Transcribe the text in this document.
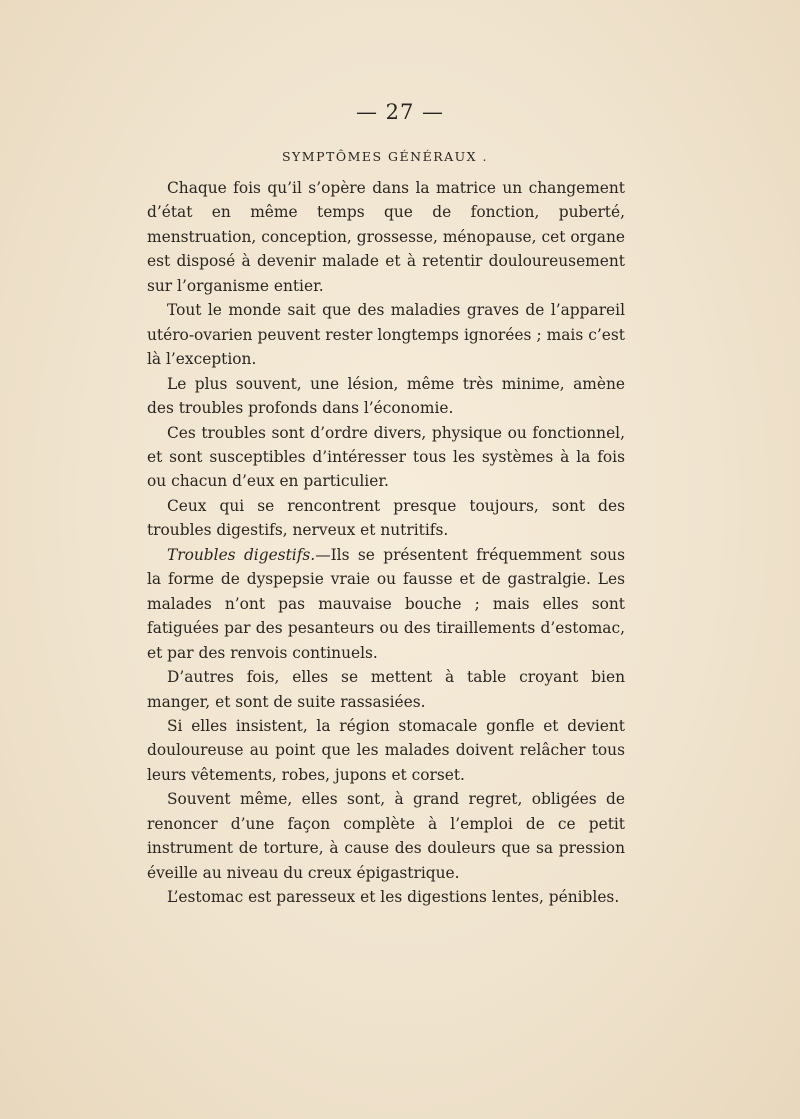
— 27 —
SYMPTÔMES GÉNÉRAUX .

Chaque fois qu’il s’opère dans la matrice un changement d’état en même temps que de fonction, puberté, menstruation, conception, grossesse, ménopause, cet organe est disposé à devenir malade et à retentir douloureusement sur l’organisme entier.

Tout le monde sait que des maladies graves de l’appareil utéro-ovarien peuvent rester longtemps ignorées ; mais c’est là l’exception.

Le plus souvent, une lésion, même très minime, amène des troubles profonds dans l’économie.

Ces troubles sont d’ordre divers, physique ou fonctionnel, et sont susceptibles d’intéresser tous les systèmes à la fois ou chacun d’eux en particulier.

Ceux qui se rencontrent presque toujours, sont des troubles digestifs, nerveux et nutritifs.

Troubles digestifs.—Ils se présentent fréquemment sous la forme de dyspepsie vraie ou fausse et de gastralgie. Les malades n’ont pas mauvaise bouche ; mais elles sont fatiguées par des pesanteurs ou des tiraillements d’estomac, et par des renvois continuels.

D’autres fois, elles se mettent à table croyant bien manger, et sont de suite rassasiées.

Si elles insistent, la région stomacale gonfle et devient douloureuse au point que les malades doivent relâcher tous leurs vêtements, robes, jupons et corset.

Souvent même, elles sont, à grand regret, obligées de renoncer d’une façon complète à l’emploi de ce petit instrument de torture, à cause des douleurs que sa pression éveille au niveau du creux épigastrique.

L’estomac est paresseux et les digestions lentes, pénibles.
